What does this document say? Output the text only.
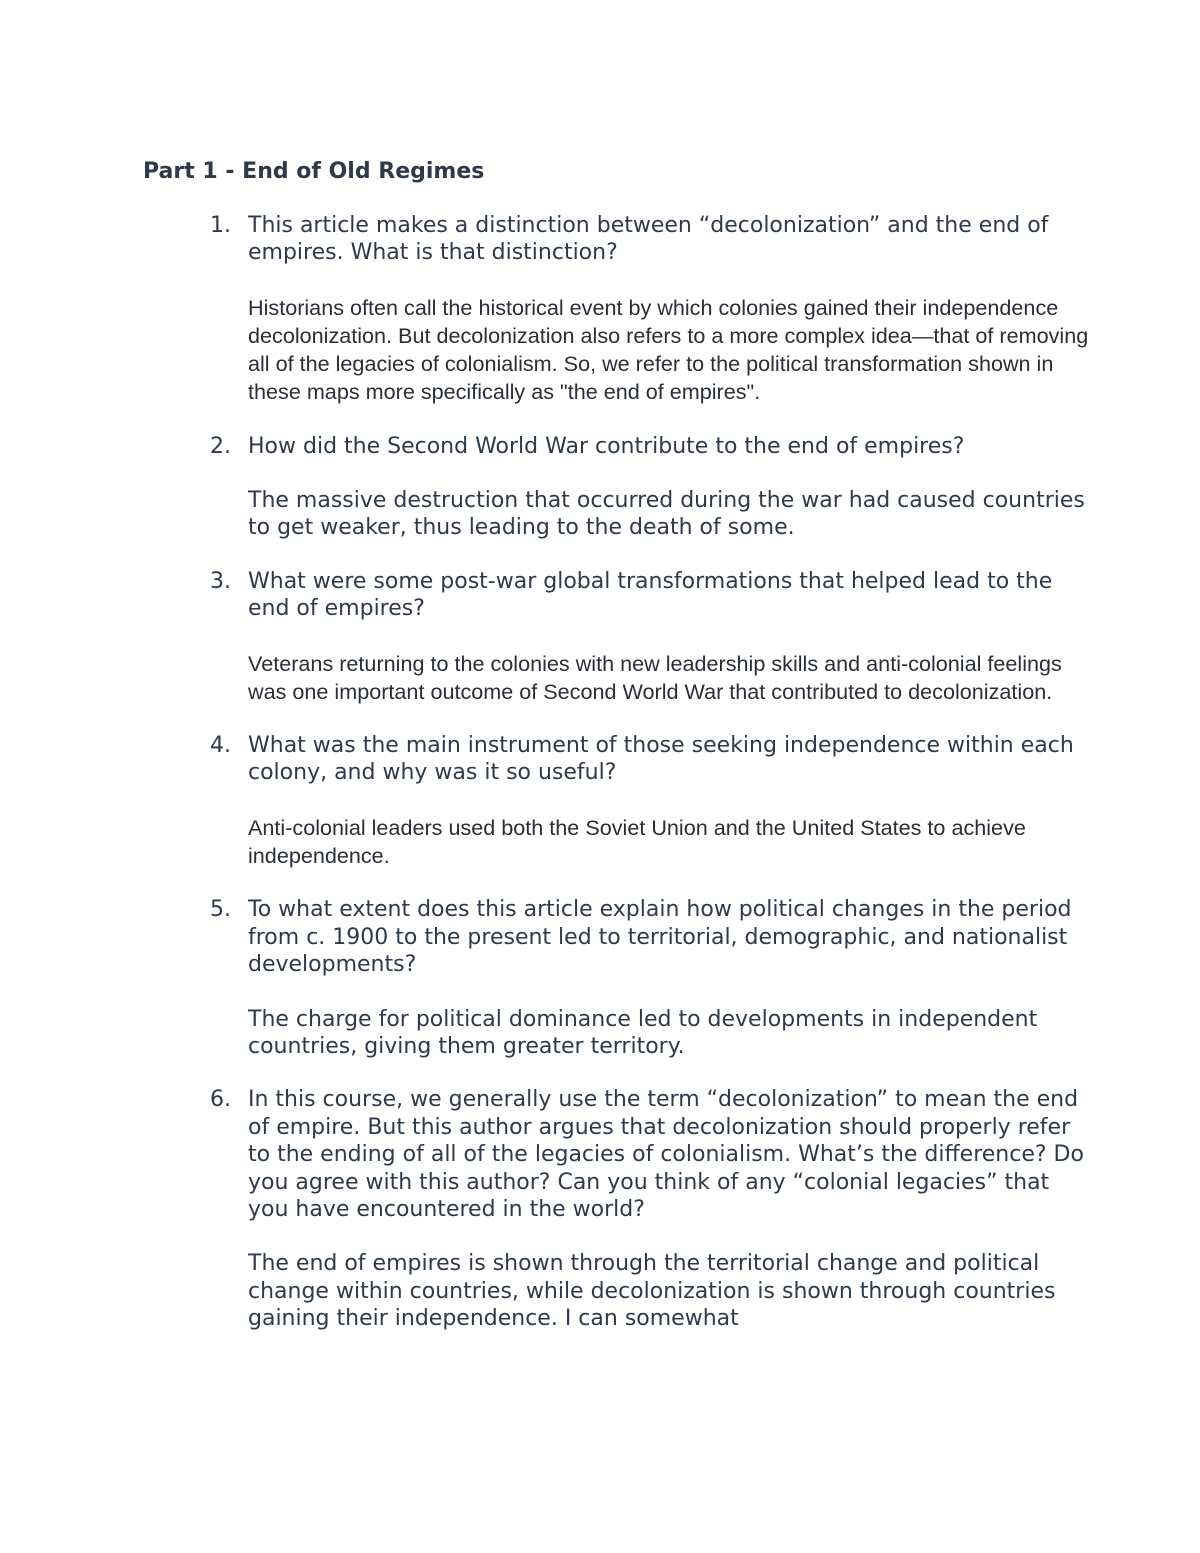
Part 1 - End of Old Regimes
1. This article makes a distinction between “decolonization” and the end of empires. What is that distinction?

Historians often call the historical event by which colonies gained their independence decolonization. But decolonization also refers to a more complex idea—that of removing all of the legacies of colonialism. So, we refer to the political transformation shown in these maps more specifically as "the end of empires".

2. How did the Second World War contribute to the end of empires?

The massive destruction that occurred during the war had caused countries to get weaker, thus leading to the death of some.

3. What were some post-war global transformations that helped lead to the end of empires?

Veterans returning to the colonies with new leadership skills and anti-colonial feelings was one important outcome of Second World War that contributed to decolonization.

4. What was the main instrument of those seeking independence within each colony, and why was it so useful?

Anti-colonial leaders used both the Soviet Union and the United States to achieve independence.

5. To what extent does this article explain how political changes in the period from c. 1900 to the present led to territorial, demographic, and nationalist developments?

The charge for political dominance led to developments in independent countries, giving them greater territory.

6. In this course, we generally use the term “decolonization” to mean the end of empire. But this author argues that decolonization should properly refer to the ending of all of the legacies of colonialism. What’s the difference? Do you agree with this author? Can you think of any “colonial legacies” that you have encountered in the world?

The end of empires is shown through the territorial change and political change within countries, while decolonization is shown through countries gaining their independence. I can somewhat
